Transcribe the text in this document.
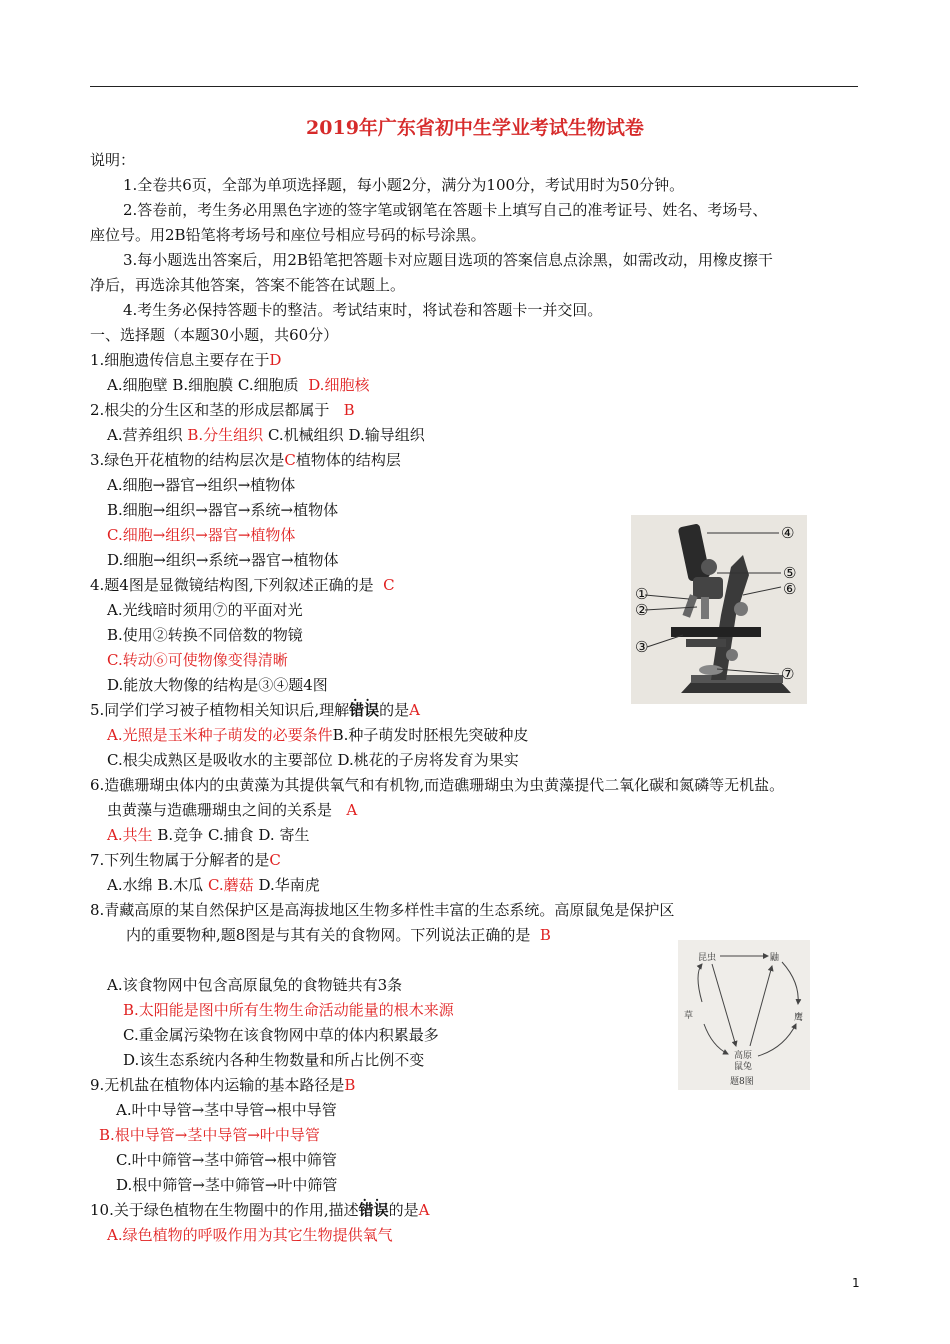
2019年广东省初中生学业考试生物试卷
说明：
1.全卷共6页，全部为单项选择题，每小题2分，满分为100分，考试用时为50分钟。
2.答卷前，考生务必用黑色字迹的签字笔或钢笔在答题卡上填写自己的准考证号、姓名、考场号、
座位号。用2B铅笔将考场号和座位号相应号码的标号涂黑。
3.每小题选出答案后，用2B铅笔把答题卡对应题目选项的答案信息点涂黑，如需改动，用橡皮擦干
净后，再选涂其他答案，答案不能答在试题上。
4.考生务必保持答题卡的整洁。考试结束时，将试卷和答题卡一并交回。
一、选择题（本题30小题，共60分）
1.细胞遗传信息主要存在于D
A.细胞壁 B.细胞膜 C.细胞质 D.细胞核
2.根尖的分生区和茎的形成层都属于 B
A.营养组织 B.分生组织 C.机械组织 D.输导组织
3.绿色开花植物的结构层次是C植物体的结构层
A.细胞→器官→组织→植物体
B.细胞→组织→器官→系统→植物体
C.细胞→组织→器官→植物体
D.细胞→组织→系统→器官→植物体
4.题4图是显微镜结构图,下列叙述正确的是 C
A.光线暗时须用⑦的平面对光
B.使用②转换不同倍数的物镜
C.转动⑥可使物像变得清晰
D.能放大物像的结构是③④题4图
①
②
③
④
⑤
⑥
⑦
5.同学们学习被子植物相关知识后,理解· · 错误的是A
A.光照是玉米种子萌发的必要条件B.种子萌发时胚根先突破种皮
C.根尖成熟区是吸收水的主要部位 D.桃花的子房将发育为果实
6.造礁珊瑚虫体内的虫黄藻为其提供氧气和有机物,而造礁珊瑚虫为虫黄藻提代二氧化碳和氮磷等无机盐。
虫黄藻与造礁珊瑚虫之间的关系是 A
A.共生 B.竞争 C.捕食 D. 寄生
7.下列生物属于分解者的是C
A.水绵 B.木瓜 C.蘑菇 D.华南虎
8.青藏高原的某自然保护区是高海拔地区生物多样性丰富的生态系统。高原鼠兔是保护区
内的重要物种,题8图是与其有关的食物网。下列说法正确的是 B
A.该食物网中包含高原鼠兔的食物链共有3条
B.太阳能是图中所有生物生命活动能量的根木来源
C.重金属污染物在该食物网中草的体内积累最多
D.该生态系统内各种生物数量和所占比例不变
昆虫	鼬
草	鹰
高原
鼠兔
题8图
9.无机盐在植物体内运输的基本路径是B
A.叶中导管→茎中导管→根中导管
B.根中导管→茎中导管→叶中导管
C.叶中筛管→茎中筛管→根中筛管
D.根中筛管→茎中筛管→叶中筛管
10.关于绿色植物在生物圈中的作用,描述· · 错误的是A
A.绿色植物的呼吸作用为其它生物提供氧气
1
